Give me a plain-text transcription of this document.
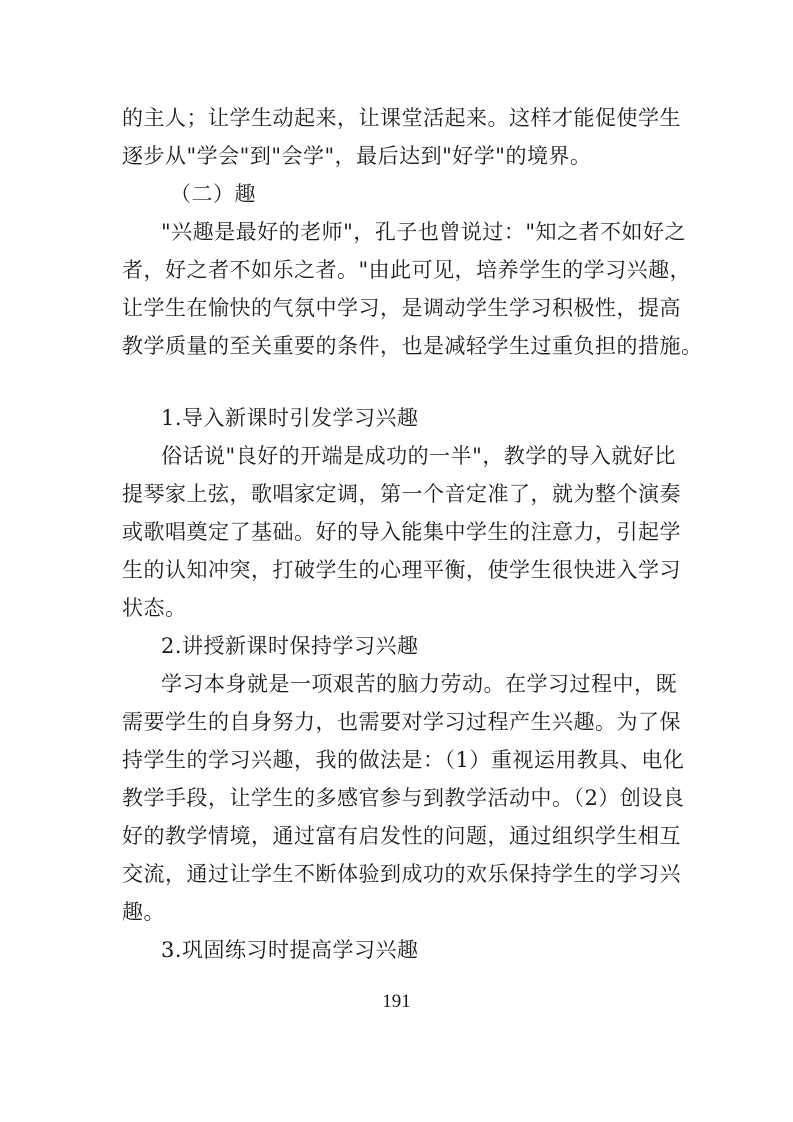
的主人；让学生动起来，让课堂活起来。这样才能促使学生
逐步从"学会"到"会学"，最后达到"好学"的境界。
（二）趣
"兴趣是最好的老师"，孔子也曾说过："知之者不如好之
者，好之者不如乐之者。"由此可见，培养学生的学习兴趣，
让学生在愉快的气氛中学习，是调动学生学习积极性，提高
教学质量的至关重要的条件，也是减轻学生过重负担的措施。
1.导入新课时引发学习兴趣
俗话说"良好的开端是成功的一半"，教学的导入就好比
提琴家上弦，歌唱家定调，第一个音定准了，就为整个演奏
或歌唱奠定了基础。好的导入能集中学生的注意力，引起学
生的认知冲突，打破学生的心理平衡，使学生很快进入学习
状态。
2.讲授新课时保持学习兴趣
学习本身就是一项艰苦的脑力劳动。在学习过程中，既
需要学生的自身努力，也需要对学习过程产生兴趣。为了保
持学生的学习兴趣，我的做法是：（1）重视运用教具、电化
教学手段，让学生的多感官参与到教学活动中。（2）创设良
好的教学情境，通过富有启发性的问题，通过组织学生相互
交流，通过让学生不断体验到成功的欢乐保持学生的学习兴
趣。
3.巩固练习时提高学习兴趣
191
